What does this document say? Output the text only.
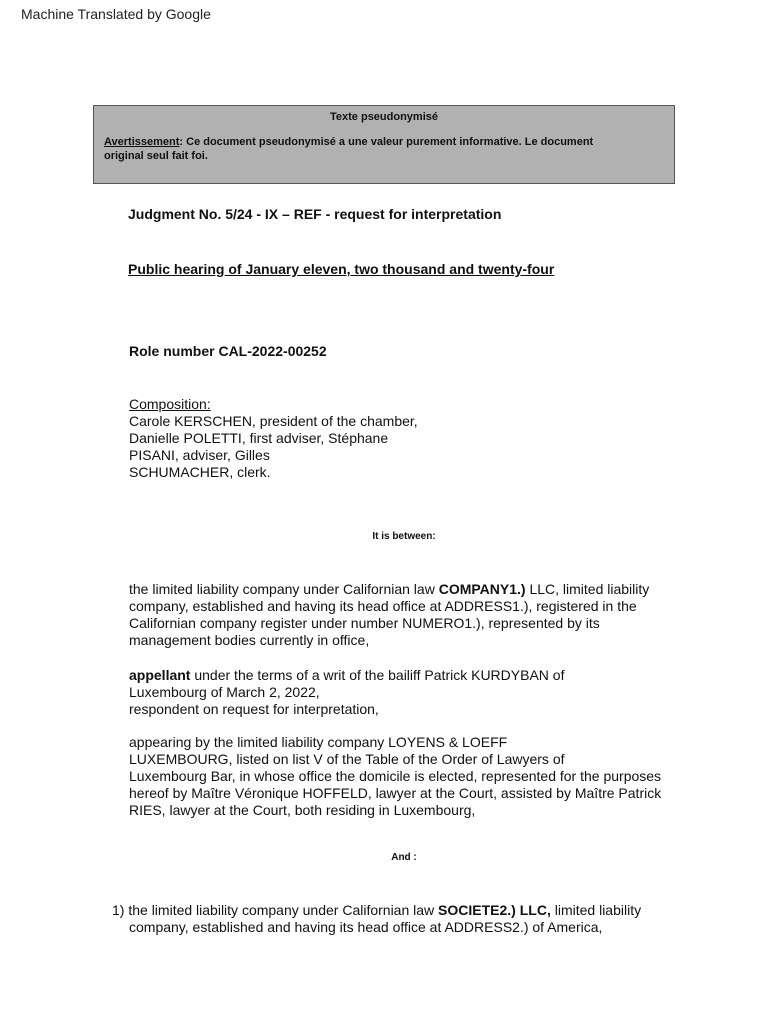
Machine Translated by Google
Texte pseudonymisé
Avertissement: Ce document pseudonymisé a une valeur purement informative. Le document
original seul fait foi.
Judgment No. 5/24 - IX – REF - request for interpretation
Public hearing of January eleven, two thousand and twenty-four
Role number CAL-2022-00252
Composition:
Carole KERSCHEN, president of the chamber,
Danielle POLETTI, first adviser, Stéphane
PISANI, adviser, Gilles
SCHUMACHER, clerk.
It is between:
the limited liability company under Californian law COMPANY1.) LLC, limited liability
company, established and having its head office at ADDRESS1.), registered in the
Californian company register under number NUMERO1.), represented by its
management bodies currently in office,
appellant under the terms of a writ of the bailiff Patrick KURDYBAN of
Luxembourg of March 2, 2022,
respondent on request for interpretation,
appearing by the limited liability company LOYENS & LOEFF
LUXEMBOURG, listed on list V of the Table of the Order of Lawyers of
Luxembourg Bar, in whose office the domicile is elected, represented for the purposes
hereof by Maître Véronique HOFFELD, lawyer at the Court, assisted by Maître Patrick
RIES, lawyer at the Court, both residing in Luxembourg,
And :
1) the limited liability company under Californian law SOCIETE2.) LLC, limited liability
company, established and having its head office at ADDRESS2.) of America,
